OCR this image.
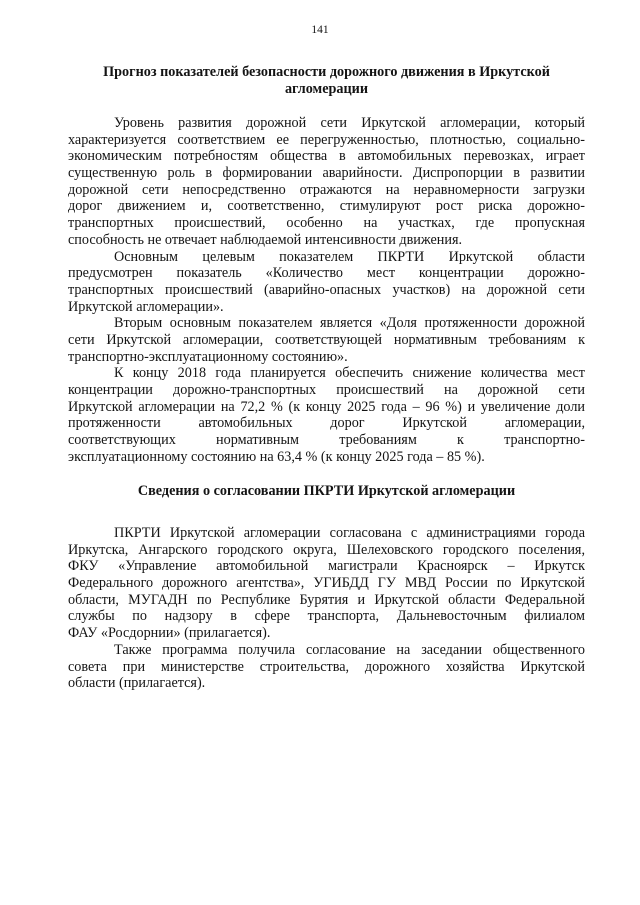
141
Прогноз показателей безопасности дорожного движения в Иркутской
агломерации
Уровень развития дорожной сети Иркутской агломерации, который
характеризуется соответствием ее перегруженностью, плотностью, социально-
экономическим потребностям общества в автомобильных перевозках, играет
существенную роль в формировании аварийности. Диспропорции в развитии
дорожной сети непосредственно отражаются на неравномерности загрузки
дорог движением и, соответственно, стимулируют рост риска дорожно-
транспортных происшествий, особенно на участках, где пропускная
способность не отвечает наблюдаемой интенсивности движения.
Основным целевым показателем ПКРТИ Иркутской области
предусмотрен показатель «Количество мест концентрации дорожно-
транспортных происшествий (аварийно-опасных участков) на дорожной сети
Иркутской агломерации».
Вторым основным показателем является «Доля протяженности дорожной
сети Иркутской агломерации, соответствующей нормативным требованиям к
транспортно-эксплуатационному состоянию».
К концу 2018 года планируется обеспечить снижение количества мест
концентрации дорожно-транспортных происшествий на дорожной сети
Иркутской агломерации на 72,2 % (к концу 2025 года – 96 %) и увеличение доли
протяженности автомобильных дорог Иркутской агломерации,
соответствующих нормативным требованиям к транспортно-
эксплуатационному состоянию на 63,4 % (к концу 2025 года – 85 %).
Сведения о согласовании ПКРТИ Иркутской агломерации
ПКРТИ Иркутской агломерации согласована с администрациями города
Иркутска, Ангарского городского округа, Шелеховского городского поселения,
ФКУ «Управление автомобильной магистрали Красноярск – Иркутск
Федерального дорожного агентства», УГИБДД ГУ МВД России по Иркутской
области, МУГАДН по Республике Бурятия и Иркутской области Федеральной
службы по надзору в сфере транспорта, Дальневосточным филиалом
ФАУ «Росдорнии» (прилагается).
Также программа получила согласование на заседании общественного
совета при министерстве строительства, дорожного хозяйства Иркутской
области (прилагается).
